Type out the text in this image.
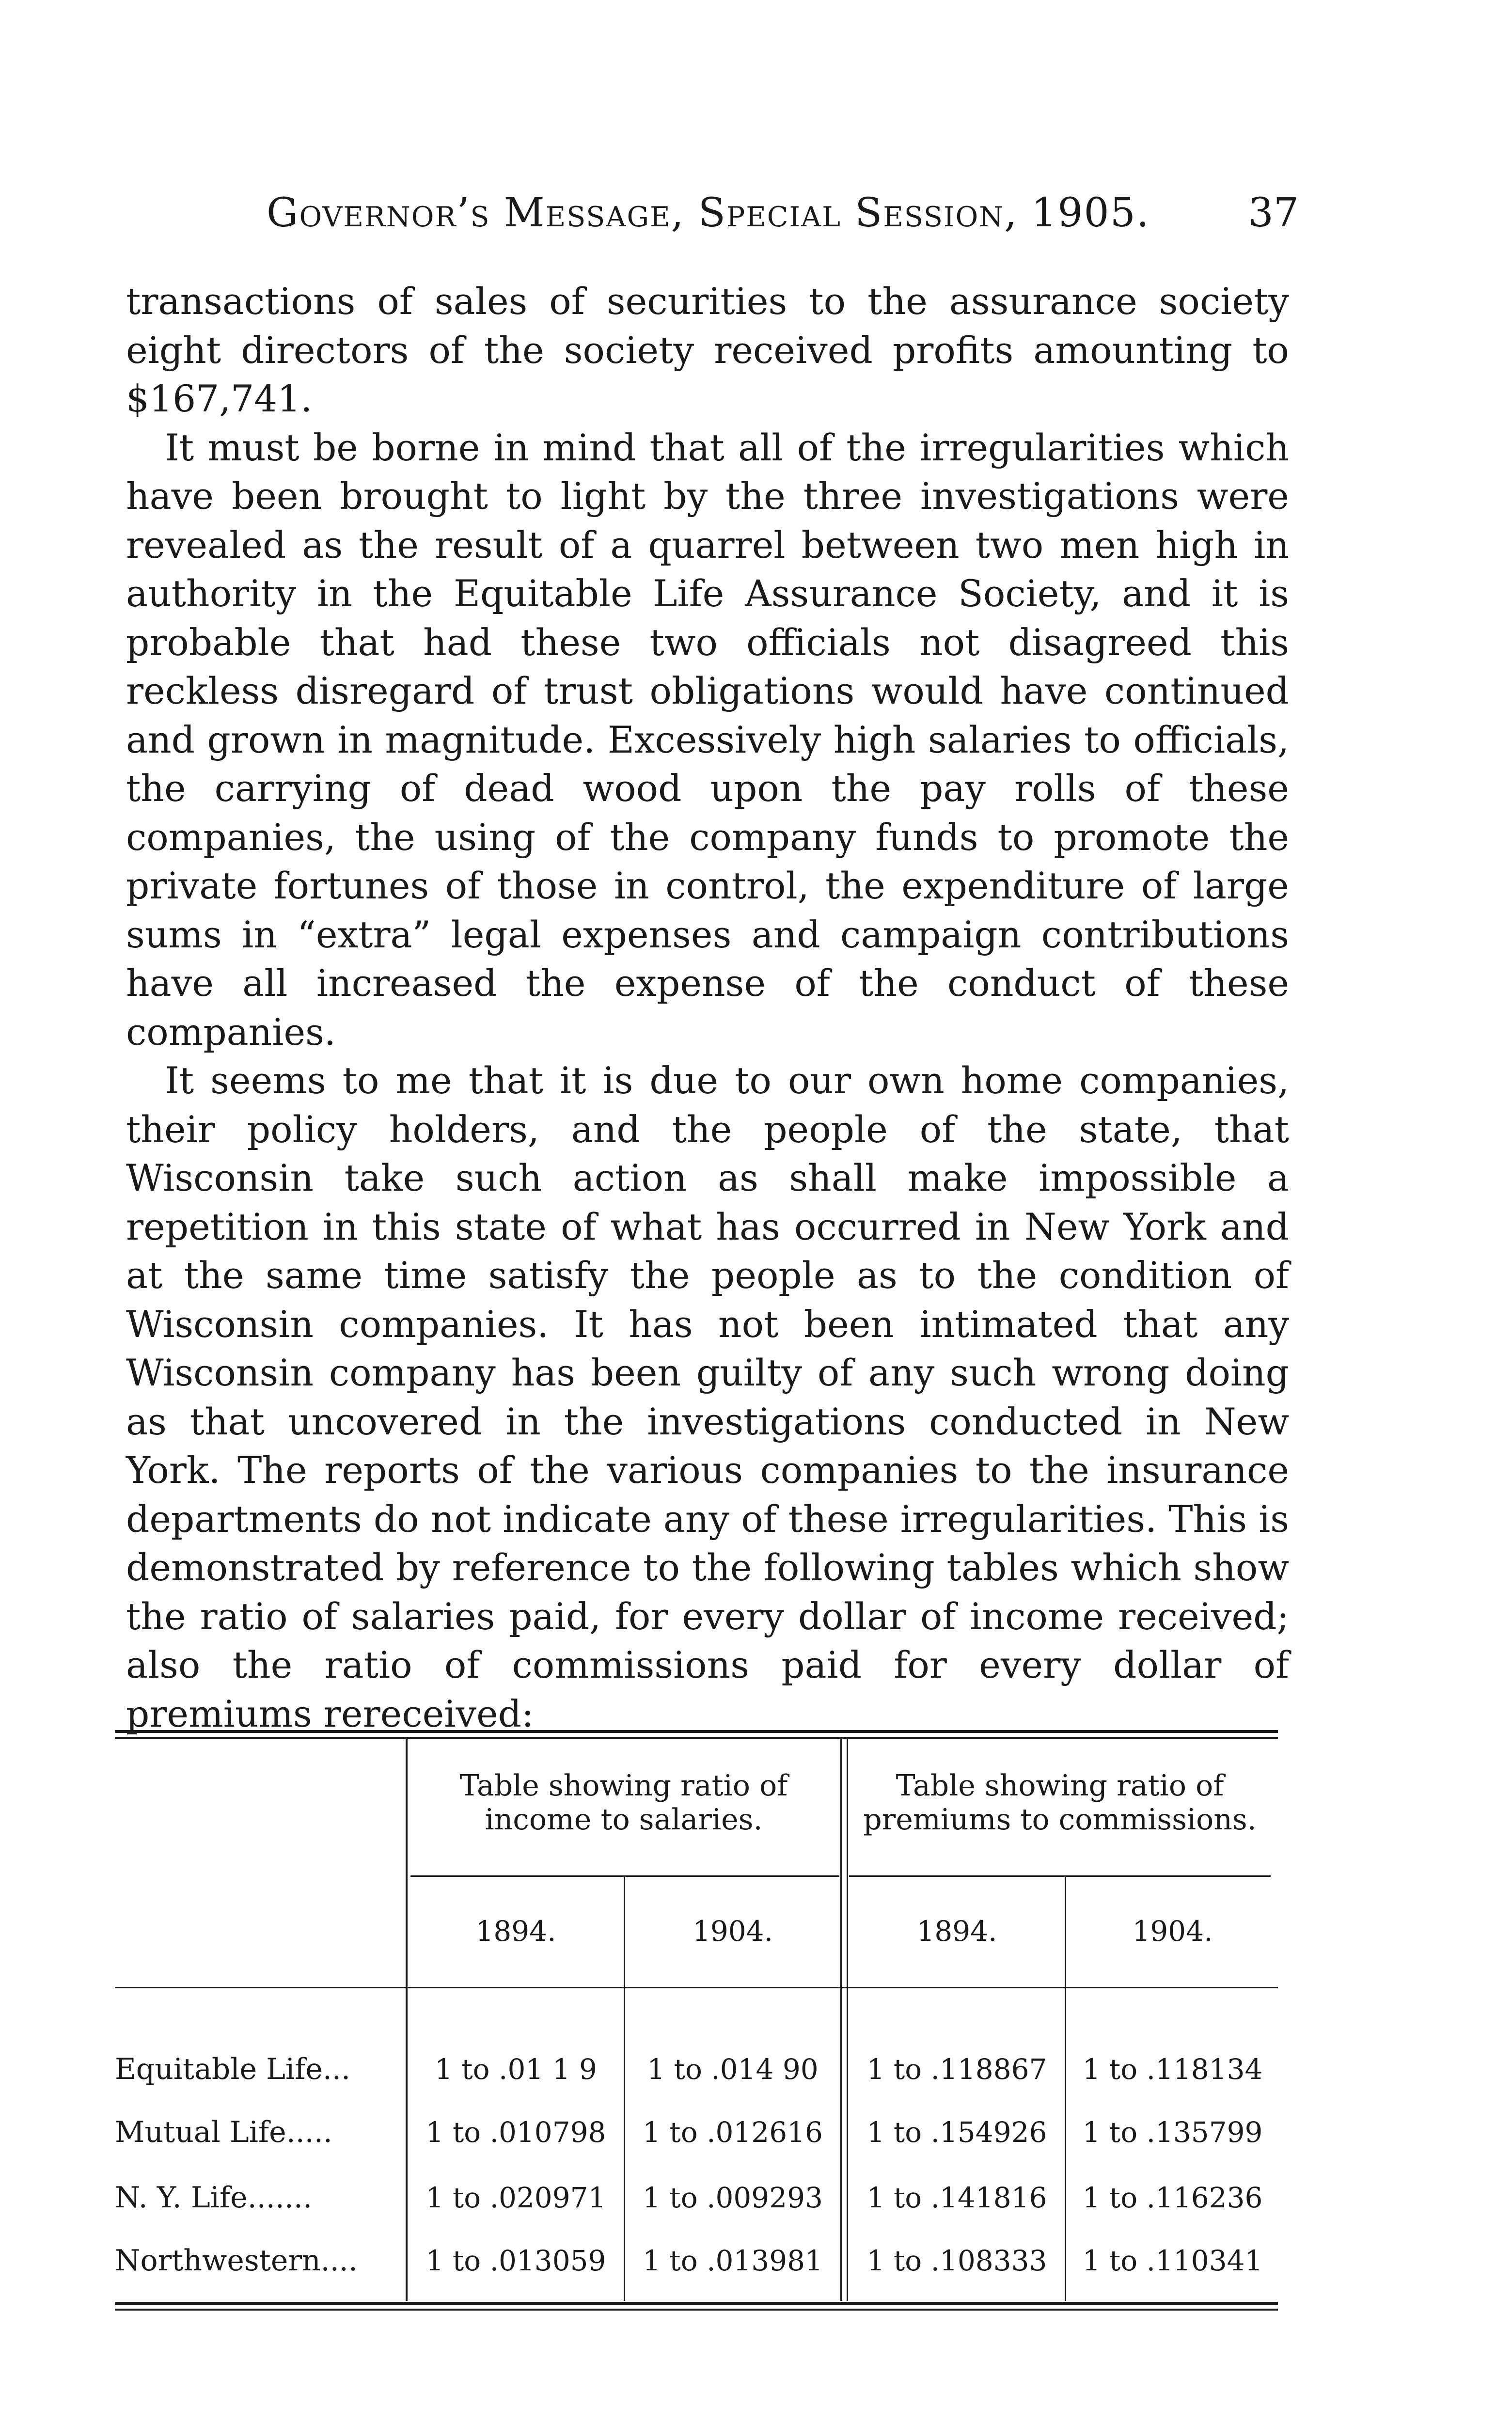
Governor’s Message, Special Session, 1905. 37

transactions of sales of securities to the assurance society eight directors of the society received profits amounting to $167,741.

It must be borne in mind that all of the irregularities which have been brought to light by the three investigations were revealed as the result of a quarrel between two men high in authority in the Equitable Life Assurance Society, and it is probable that had these two officials not disagreed this reckless disregard of trust obligations would have continued and grown in magnitude. Excessively high salaries to officials, the carrying of dead wood upon the pay rolls of these companies, the using of the company funds to promote the private fortunes of those in control, the expenditure of large sums in “extra” legal expenses and campaign contributions have all increased the expense of the conduct of these companies.

It seems to me that it is due to our own home companies, their policy holders, and the people of the state, that Wisconsin take such action as shall make impossible a repetition in this state of what has occurred in New York and at the same time satisfy the people as to the condition of Wisconsin companies. It has not been intimated that any Wisconsin company has been guilty of any such wrong doing as that uncovered in the investigations conducted in New York. The reports of the various companies to the insurance departments do not indicate any of these irregularities. This is demonstrated by reference to the following tables which show the ratio of salaries paid, for every dollar of income received; also the ratio of commissions paid for every dollar of premiums rereceived:

Table showing ratio of income to salaries.
Table showing ratio of premiums to commissions.
1894.	1904.	1894.	1904.
Equitable Life...	1 to .01 1 9	1 to .014 90	1 to .118867	1 to .118134
Mutual Life.....	1 to .010798	1 to .012616	1 to .154926	1 to .135799
N. Y. Life.......	1 to .020971	1 to .009293	1 to .141816	1 to .116236
Northwestern....	1 to .013059	1 to .013981	1 to .108333	1 to .110341
